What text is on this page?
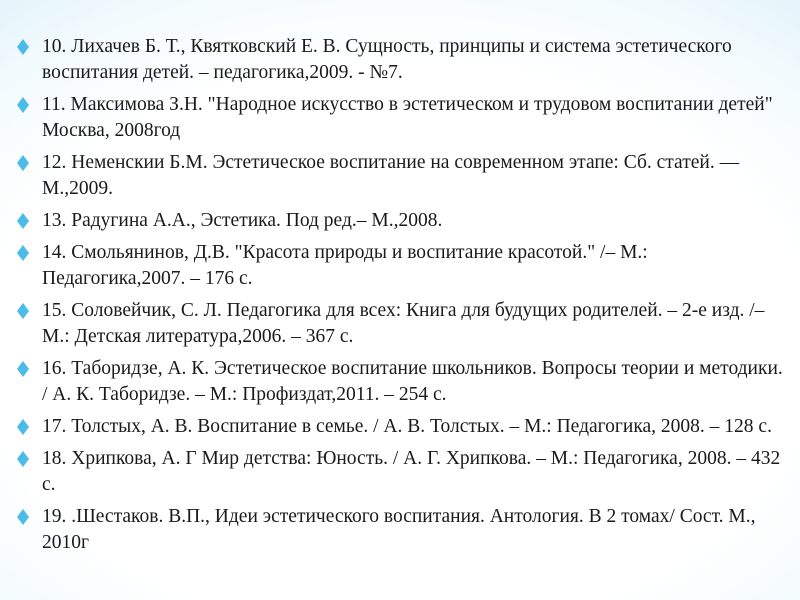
10. Лихачев Б. Т., Квятковский Е. В. Сущность, принципы и система эстетического воспитания детей. – педагогика,2009. - №7.
11. Максимова З.Н. "Народное искусство в эстетическом и трудовом воспитании детей" Москва, 2008год
12. Неменскии Б.М. Эстетическое воспитание на современном этапе: Сб. статей. — М.,2009.
13. Радугина А.А., Эстетика. Под ред.– М.,2008.
14. Смольянинов, Д.В. "Красота природы и воспитание красотой." /– М.: Педагогика,2007. – 176 с.
15. Соловейчик, С. Л. Педагогика для всех: Книга для будущих родителей. – 2-е изд. /– М.: Детская литература,2006. – 367 с.
16. Таборидзе, А. К. Эстетическое воспитание школьников. Вопросы теории и методики. / А. К. Таборидзе. – М.: Профиздат,2011. – 254 с.
17. Толстых, А. В. Воспитание в семье. / А. В. Толстых. – М.: Педагогика, 2008. – 128 с.
18. Хрипкова, А. Г Мир детства: Юность. / А. Г. Хрипкова. – М.: Педагогика, 2008. – 432 с.
19. .Шестаков. В.П., Идеи эстетического воспитания. Антология. В 2 томах/ Сост. М., 2010г
